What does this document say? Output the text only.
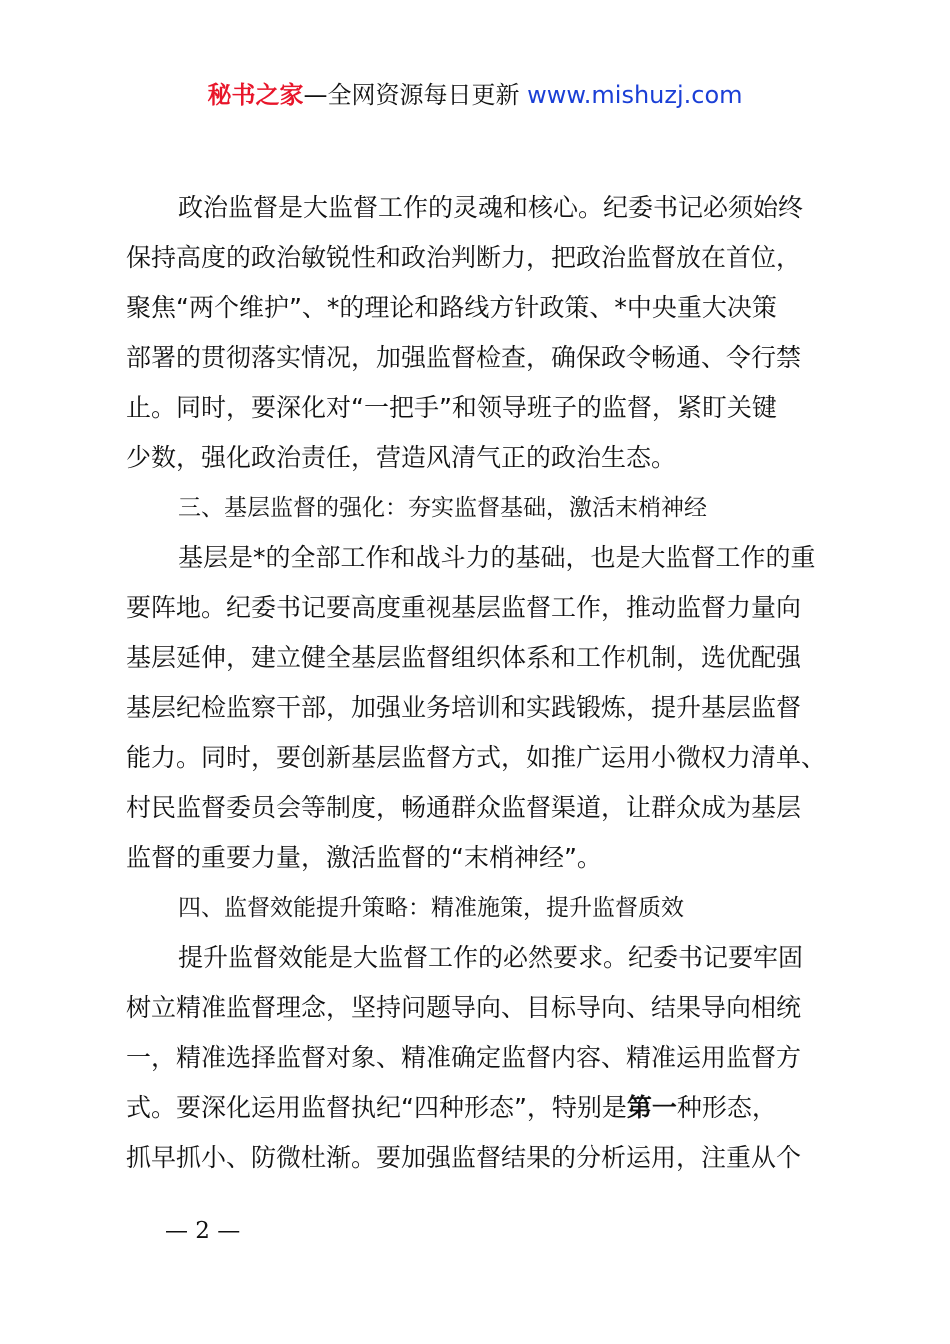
秘书之家—全网资源每日更新 www.mishuzj.com
政治监督是大监督工作的灵魂和核心。纪委书记必须始终
保持高度的政治敏锐性和政治判断力，把政治监督放在首位，
聚焦“两个维护”、*的理论和路线方针政策、*中央重大决策
部署的贯彻落实情况，加强监督检查，确保政令畅通、令行禁
止。同时，要深化对“一把手”和领导班子的监督，紧盯关键
少数，强化政治责任，营造风清气正的政治生态。
三、基层监督的强化：夯实监督基础，激活末梢神经
基层是*的全部工作和战斗力的基础，也是大监督工作的重
要阵地。纪委书记要高度重视基层监督工作，推动监督力量向
基层延伸，建立健全基层监督组织体系和工作机制，选优配强
基层纪检监察干部，加强业务培训和实践锻炼，提升基层监督
能力。同时，要创新基层监督方式，如推广运用小微权力清单、
村民监督委员会等制度，畅通群众监督渠道，让群众成为基层
监督的重要力量，激活监督的“末梢神经”。
四、监督效能提升策略：精准施策，提升监督质效
提升监督效能是大监督工作的必然要求。纪委书记要牢固
树立精准监督理念，坚持问题导向、目标导向、结果导向相统
一，精准选择监督对象、精准确定监督内容、精准运用监督方
式。要深化运用监督执纪“四种形态”，特别是第一种形态，
抓早抓小、防微杜渐。要加强监督结果的分析运用，注重从个
— 2 —
